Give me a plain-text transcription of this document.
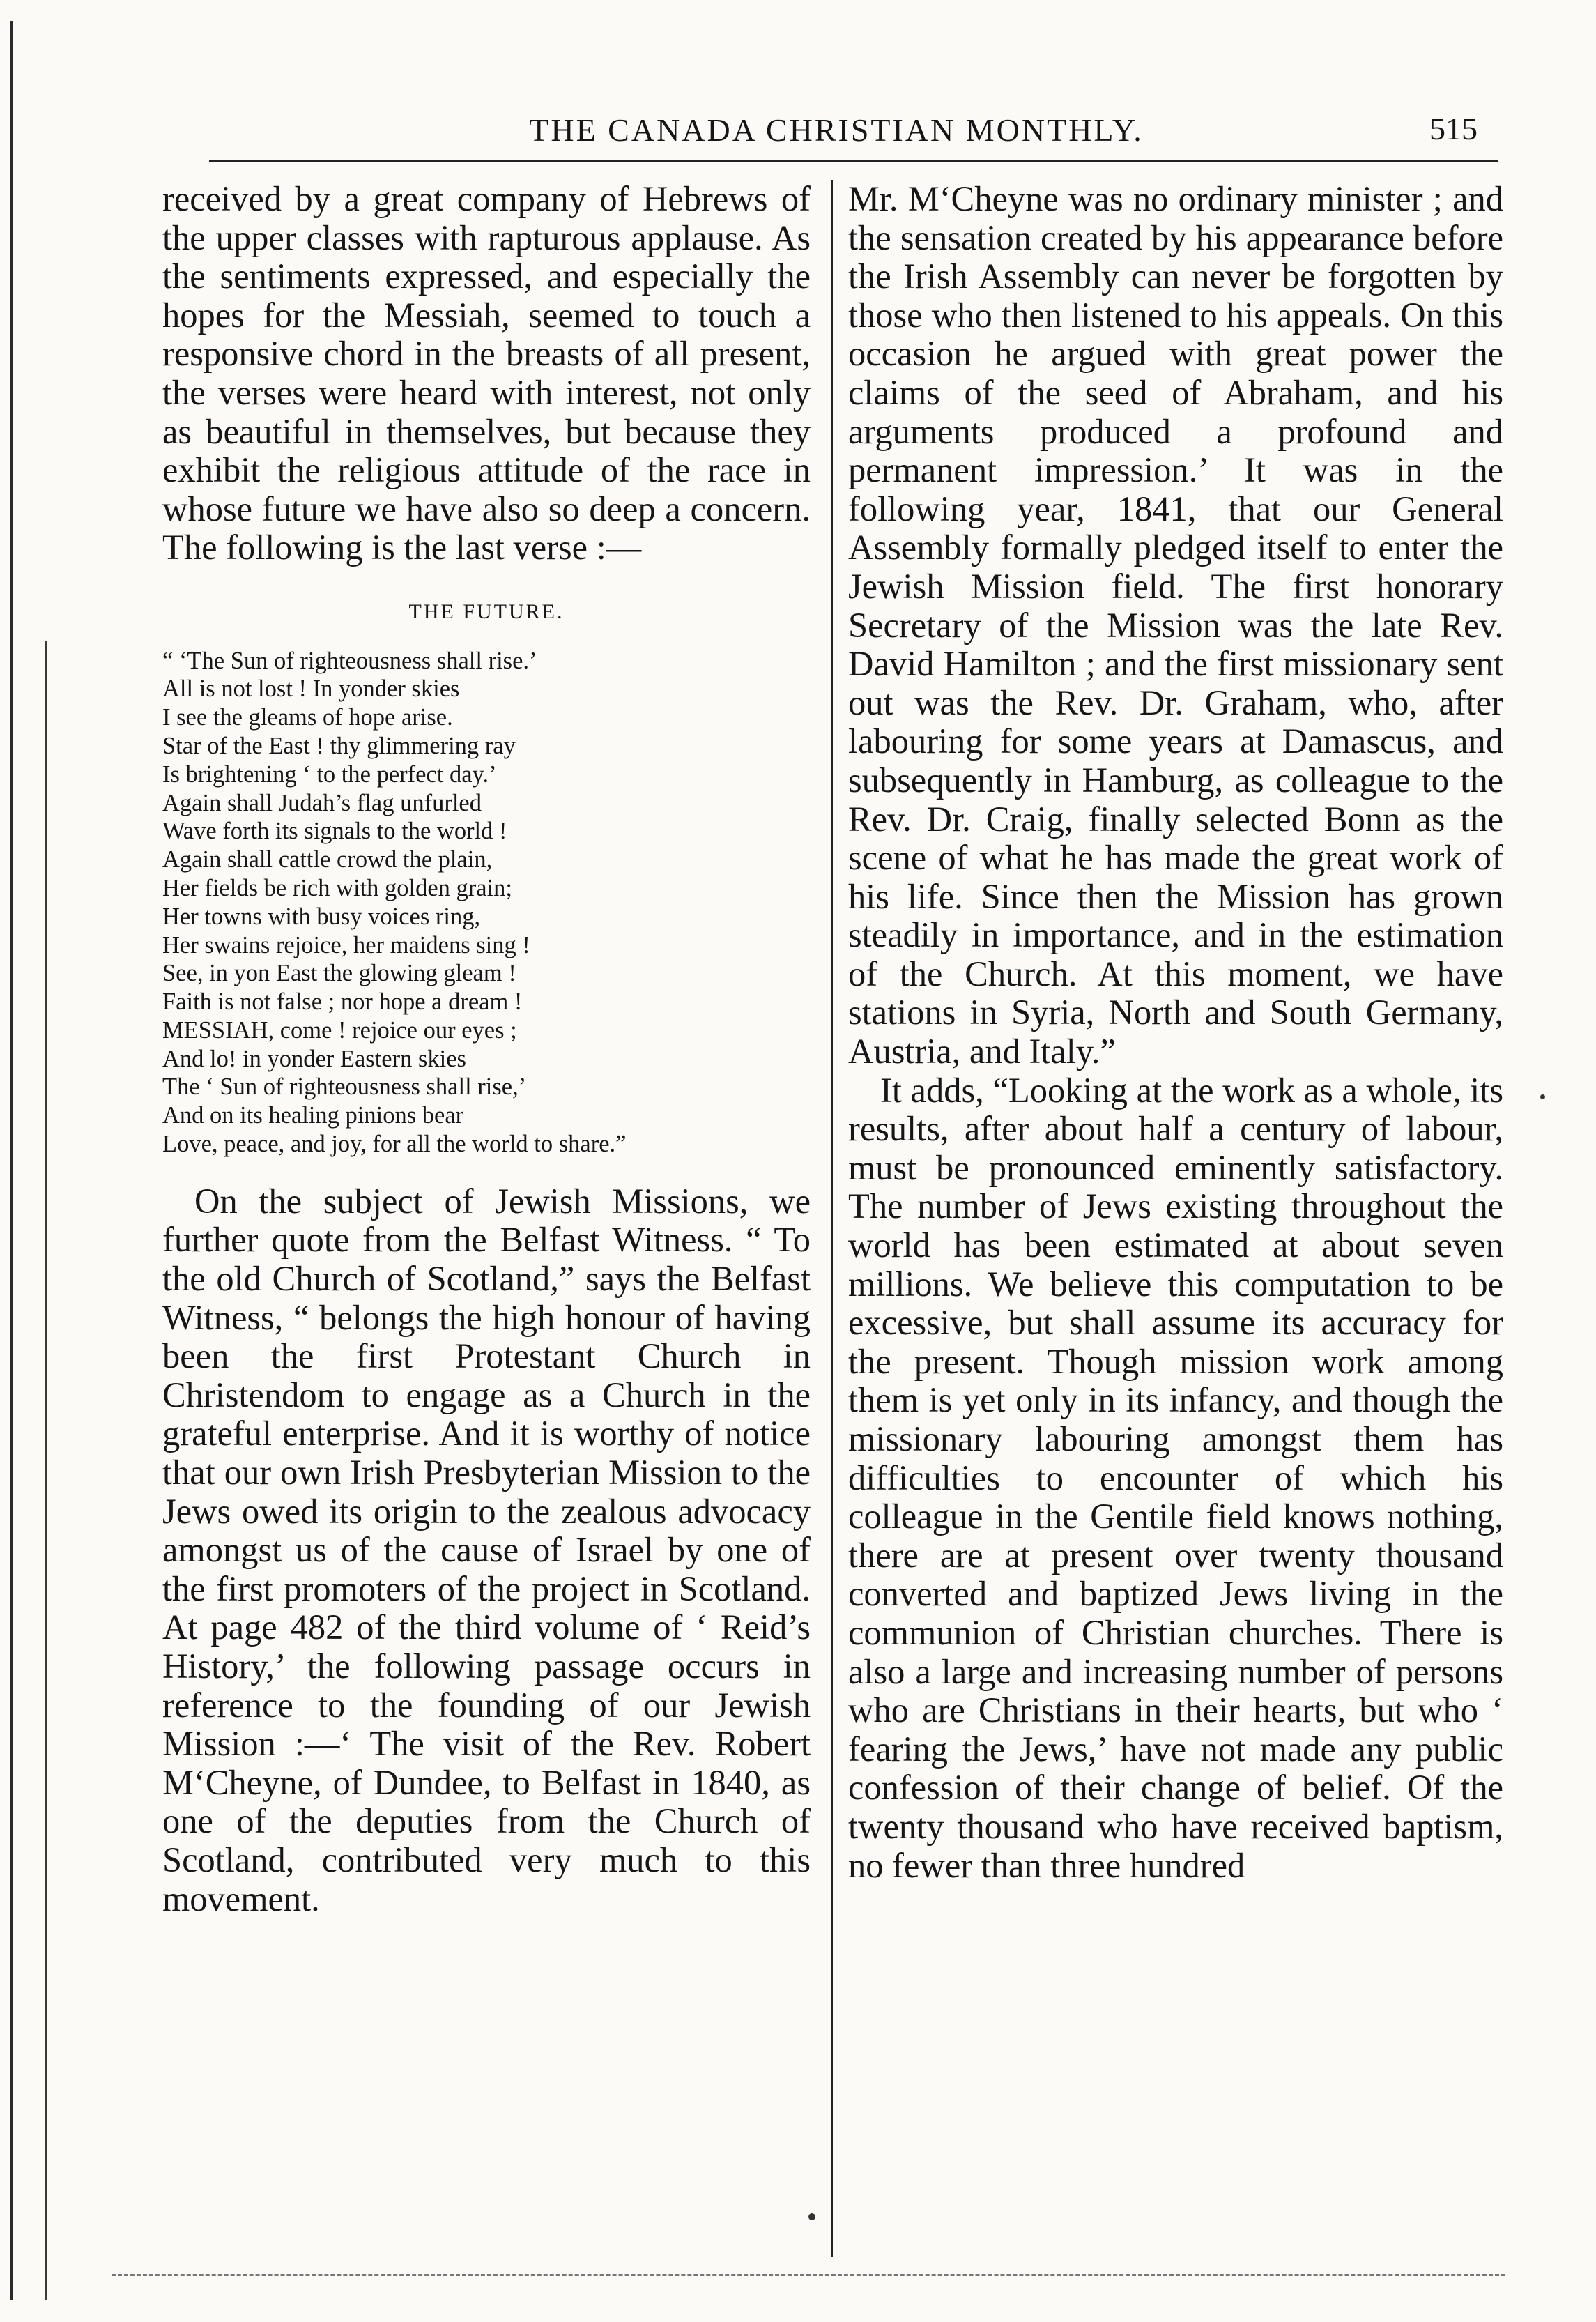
THE CANADA CHRISTIAN MONTHLY.	515

received by a great company of Hebrews of the upper classes with rapturous applause. As the sentiments expressed, and especially the hopes for the Messiah, seemed to touch a responsive chord in the breasts of all present, the verses were heard with interest, not only as beautiful in themselves, but because they exhibit the religious attitude of the race in whose future we have also so deep a concern. The following is the last verse :—

THE FUTURE.
“ ‘The Sun of righteousness shall rise.’
All is not lost ! In yonder skies
I see the gleams of hope arise.
Star of the East ! thy glimmering ray
Is brightening ‘ to the perfect day.’
Again shall Judah’s flag unfurled
Wave forth its signals to the world !
Again shall cattle crowd the plain,
Her fields be rich with golden grain;
Her towns with busy voices ring,
Her swains rejoice, her maidens sing !
See, in yon East the glowing gleam !
Faith is not false ; nor hope a dream !
MESSIAH, come ! rejoice our eyes ;
And lo! in yonder Eastern skies
The ‘ Sun of righteousness shall rise,’
And on its healing pinions bear
Love, peace, and joy, for all the world to share.”

On the subject of Jewish Missions, we further quote from the Belfast Witness. “ To the old Church of Scotland,” says the Belfast Witness, “ belongs the high honour of having been the first Protestant Church in Christendom to engage as a Church in the grateful enterprise. And it is worthy of notice that our own Irish Presbyterian Mission to the Jews owed its origin to the zealous advocacy amongst us of the cause of Israel by one of the first promoters of the project in Scotland. At page 482 of the third volume of ‘ Reid’s History,’ the following passage occurs in reference to the founding of our Jewish Mission :—‘ The visit of the Rev. Robert M‘Cheyne, of Dundee, to Belfast in 1840, as one of the deputies from the Church of Scotland, contributed very much to this movement.

Mr. M‘Cheyne was no ordinary minister ; and the sensation created by his appearance before the Irish Assembly can never be forgotten by those who then listened to his appeals. On this occasion he argued with great power the claims of the seed of Abraham, and his arguments produced a profound and permanent impression.’ It was in the following year, 1841, that our General Assembly formally pledged itself to enter the Jewish Mission field. The first honorary Secretary of the Mission was the late Rev. David Hamilton ; and the first missionary sent out was the Rev. Dr. Graham, who, after labouring for some years at Damascus, and subsequently in Hamburg, as colleague to the Rev. Dr. Craig, finally selected Bonn as the scene of what he has made the great work of his life. Since then the Mission has grown steadily in importance, and in the estimation of the Church. At this moment, we have stations in Syria, North and South Germany, Austria, and Italy.”

It adds, “Looking at the work as a whole, its results, after about half a century of labour, must be pronounced eminently satisfactory. The number of Jews existing throughout the world has been estimated at about seven millions. We believe this computation to be excessive, but shall assume its accuracy for the present. Though mission work among them is yet only in its infancy, and though the missionary labouring amongst them has difficulties to encounter of which his colleague in the Gentile field knows nothing, there are at present over twenty thousand converted and baptized Jews living in the communion of Christian churches. There is also a large and increasing number of persons who are Christians in their hearts, but who ‘ fearing the Jews,’ have not made any public confession of their change of belief. Of the twenty thousand who have received baptism, no fewer than three hundred
